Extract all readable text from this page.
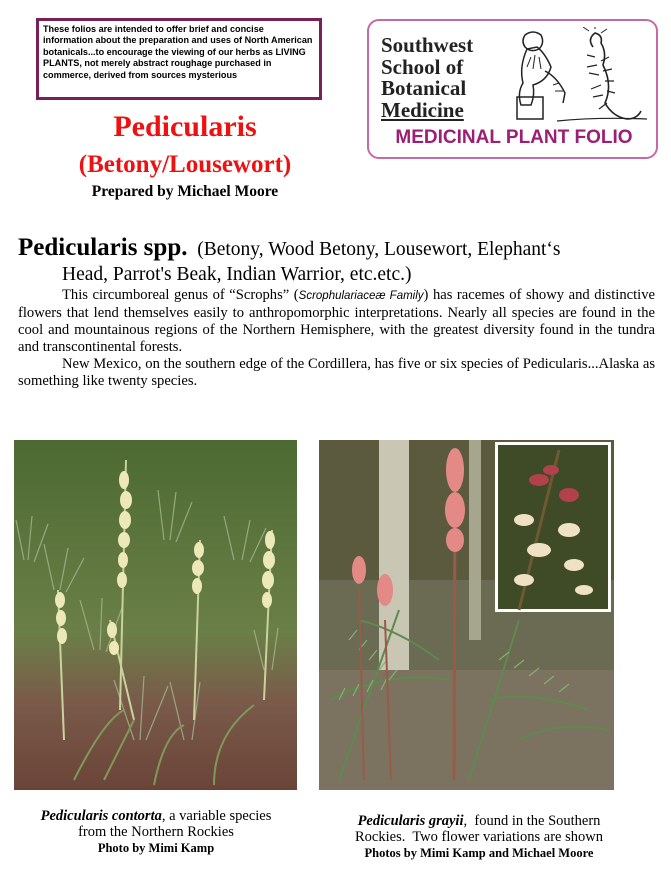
These folios are intended to offer brief and concise information about the preparation and uses of North American botanicals...to encourage the viewing of our herbs as LIVING PLANTS, not merely abstract roughage purchased in commerce, derived from sources mysterious
Southwest
School of
Botanical
Medicine
MEDICINAL PLANT FOLIO
Pedicularis
(Betony/Lousewort)
Prepared by Michael Moore
Pedicularis spp. (Betony, Wood Betony, Lousewort, Elephant‘s
Head, Parrot's Beak, Indian Warrior, etc.etc.)

This circumboreal genus of “Scrophs” (Scrophulariaceæ Family) has racemes of showy and distinctive flowers that lend themselves easily to anthropomorphic interpretations. Nearly all species are found in the cool and mountainous regions of the Northern Hemisphere, with the greatest diversity found in the tundra and transcontinental forests.

New Mexico, on the southern edge of the Cordillera, has five or six species of Pedicularis...Alaska as something like twenty species.

Pedicularis contorta, a variable species
from the Northern Rockies
Photo by Mimi Kamp
Pedicularis grayii,  found in the Southern
Rockies.  Two flower variations are shown
Photos by Mimi Kamp and Michael Moore
